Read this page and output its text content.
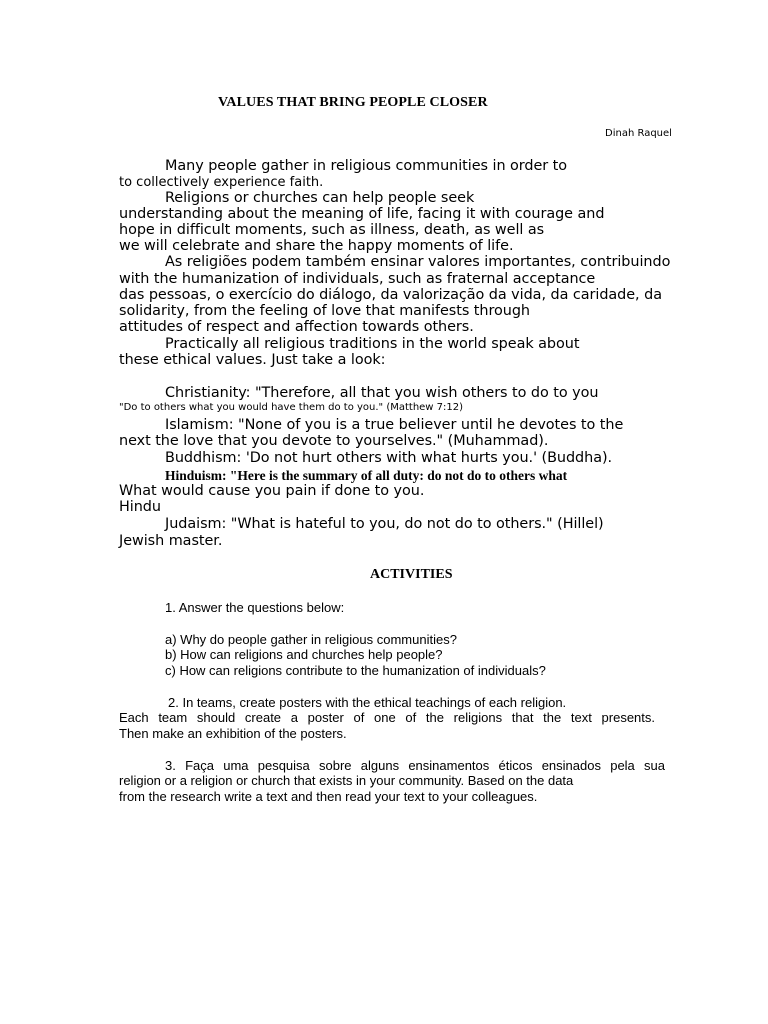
VALUES THAT BRING PEOPLE CLOSER
Dinah Raquel
Many people gather in religious communities in order to
to collectively experience faith.
Religions or churches can help people seek
understanding about the meaning of life, facing it with courage and
hope in difficult moments, such as illness, death, as well as
we will celebrate and share the happy moments of life.
As religiões podem também ensinar valores importantes, contribuindo
with the humanization of individuals, such as fraternal acceptance
das pessoas, o exercício do diálogo, da valorização da vida, da caridade, da
solidarity, from the feeling of love that manifests through
attitudes of respect and affection towards others.
Practically all religious traditions in the world speak about
these ethical values. Just take a look:
Christianity: "Therefore, all that you wish others to do to you
"Do to others what you would have them do to you." (Matthew 7:12)
Islamism: "None of you is a true believer until he devotes to the
next the love that you devote to yourselves." (Muhammad).
Buddhism: 'Do not hurt others with what hurts you.' (Buddha).
Hinduism: "Here is the summary of all duty: do not do to others what
What would cause you pain if done to you.
Hindu
Judaism: "What is hateful to you, do not do to others." (Hillel)
Jewish master.
ACTIVITIES
1. Answer the questions below:
a) Why do people gather in religious communities?
b) How can religions and churches help people?
c) How can religions contribute to the humanization of individuals?
2. In teams, create posters with the ethical teachings of each religion.
Each team should create a poster of one of the religions that the text presents.
Then make an exhibition of the posters.
3. Faça uma pesquisa sobre alguns ensinamentos éticos ensinados pela sua
religion or a religion or church that exists in your community. Based on the data
from the research write a text and then read your text to your colleagues.
